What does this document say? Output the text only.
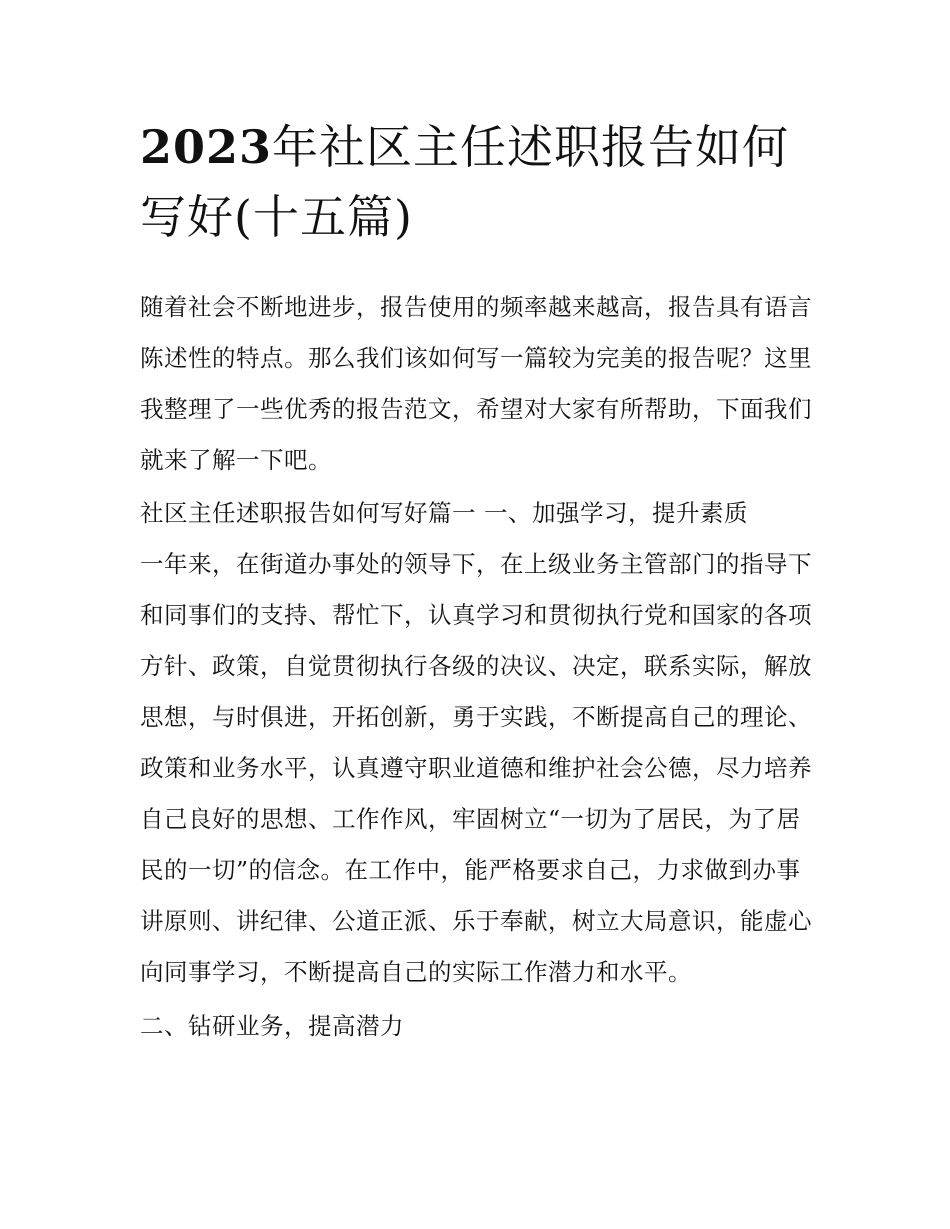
2023年社区主任述职报告如何写好(十五篇)

随着社会不断地进步，报告使用的频率越来越高，报告具有语言陈述性的特点。那么我们该如何写一篇较为完美的报告呢？这里我整理了一些优秀的报告范文，希望对大家有所帮助，下面我们就来了解一下吧。

社区主任述职报告如何写好篇一 一、加强学习，提升素质

一年来，在街道办事处的领导下，在上级业务主管部门的指导下和同事们的支持、帮忙下，认真学习和贯彻执行党和国家的各项方针、政策，自觉贯彻执行各级的决议、决定，联系实际，解放思想，与时俱进，开拓创新，勇于实践，不断提高自己的理论、政策和业务水平，认真遵守职业道德和维护社会公德，尽力培养自己良好的思想、工作作风，牢固树立“一切为了居民，为了居民的一切”的信念。在工作中，能严格要求自己，力求做到办事讲原则、讲纪律、公道正派、乐于奉献，树立大局意识，能虚心向同事学习，不断提高自己的实际工作潜力和水平。

二、钻研业务，提高潜力
